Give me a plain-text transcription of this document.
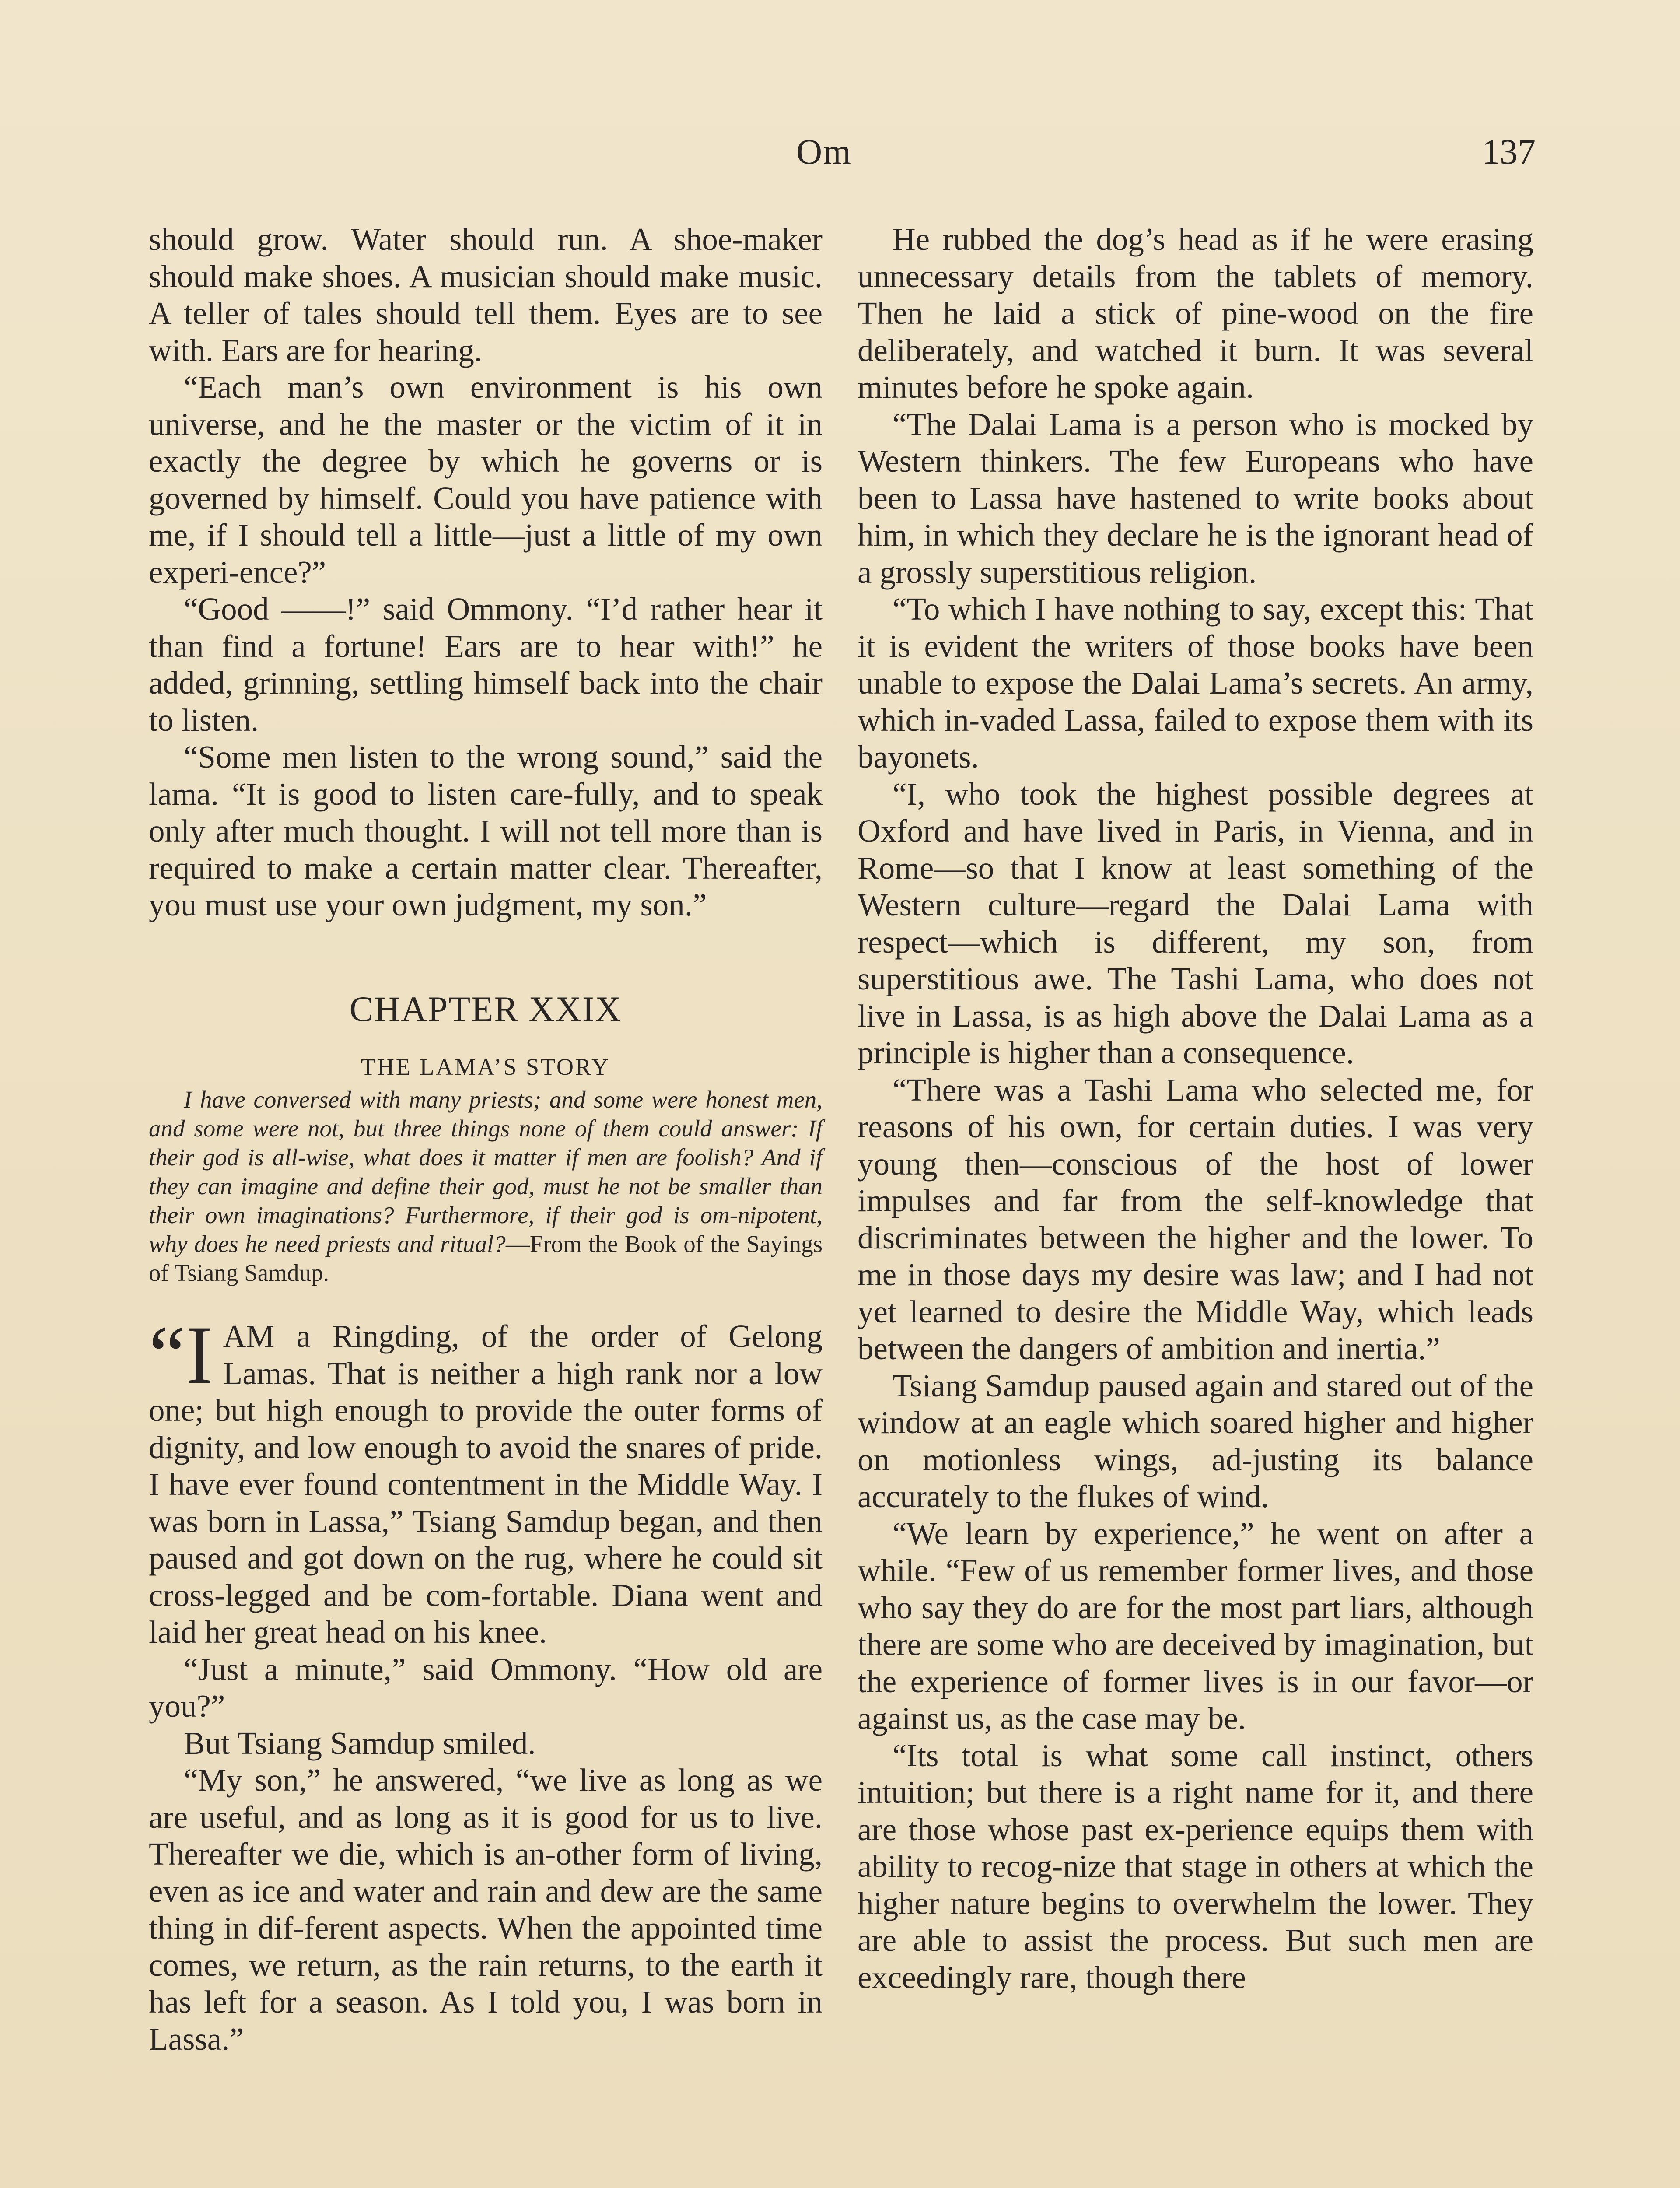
Om	137

should grow. Water should run. A shoe-maker should make shoes. A musician should make music. A teller of tales should tell them. Eyes are to see with. Ears are for hearing.

“Each man’s own environment is his own universe, and he the master or the victim of it in exactly the degree by which he governs or is governed by himself. Could you have patience with me, if I should tell a little—just a little of my own experi-ence?”

“Good ——!” said Ommony. “I’d rather hear it than find a fortune! Ears are to hear with!” he added, grinning, settling himself back into the chair to listen.

“Some men listen to the wrong sound,” said the lama. “It is good to listen care-fully, and to speak only after much thought. I will not tell more than is required to make a certain matter clear. Thereafter, you must use your own judgment, my son.”

CHAPTER XXIX
THE LAMA’S STORY

I have conversed with many priests; and some were honest men, and some were not, but three things none of them could answer: If their god is all-wise, what does it matter if men are foolish? And if they can imagine and define their god, must he not be smaller than their own imaginations? Furthermore, if their god is om-nipotent, why does he need priests and ritual?—From the Book of the Sayings of Tsiang Samdup.

“IAM a Ringding, of the order of Gelong Lamas. That is neither a high rank nor a low one; but high enough to provide the outer forms of dignity, and low enough to avoid the snares of pride. I have ever found contentment in the Middle Way. I was born in Lassa,” Tsiang Samdup began, and then paused and got down on the rug, where he could sit cross-legged and be com-fortable. Diana went and laid her great head on his knee.

“Just a minute,” said Ommony. “How old are you?”

But Tsiang Samdup smiled.

“My son,” he answered, “we live as long as we are useful, and as long as it is good for us to live. Thereafter we die, which is an-other form of living, even as ice and water and rain and dew are the same thing in dif-ferent aspects. When the appointed time comes, we return, as the rain returns, to the earth it has left for a season. As I told you, I was born in Lassa.”

He rubbed the dog’s head as if he were erasing unnecessary details from the tablets of memory. Then he laid a stick of pine-wood on the fire deliberately, and watched it burn. It was several minutes before he spoke again.

“The Dalai Lama is a person who is mocked by Western thinkers. The few Europeans who have been to Lassa have hastened to write books about him, in which they declare he is the ignorant head of a grossly superstitious religion.

“To which I have nothing to say, except this: That it is evident the writers of those books have been unable to expose the Dalai Lama’s secrets. An army, which in-vaded Lassa, failed to expose them with its bayonets.

“I, who took the highest possible degrees at Oxford and have lived in Paris, in Vienna, and in Rome—so that I know at least something of the Western culture—regard the Dalai Lama with respect—which is different, my son, from superstitious awe. The Tashi Lama, who does not live in Lassa, is as high above the Dalai Lama as a principle is higher than a consequence.

“There was a Tashi Lama who selected me, for reasons of his own, for certain duties. I was very young then—conscious of the host of lower impulses and far from the self-knowledge that discriminates between the higher and the lower. To me in those days my desire was law; and I had not yet learned to desire the Middle Way, which leads between the dangers of ambition and inertia.”

Tsiang Samdup paused again and stared out of the window at an eagle which soared higher and higher on motionless wings, ad-justing its balance accurately to the flukes of wind.

“We learn by experience,” he went on after a while. “Few of us remember former lives, and those who say they do are for the most part liars, although there are some who are deceived by imagination, but the experience of former lives is in our favor—or against us, as the case may be.

“Its total is what some call instinct, others intuition; but there is a right name for it, and there are those whose past ex-perience equips them with ability to recog-nize that stage in others at which the higher nature begins to overwhelm the lower. They are able to assist the process. But such men are exceedingly rare, though there
